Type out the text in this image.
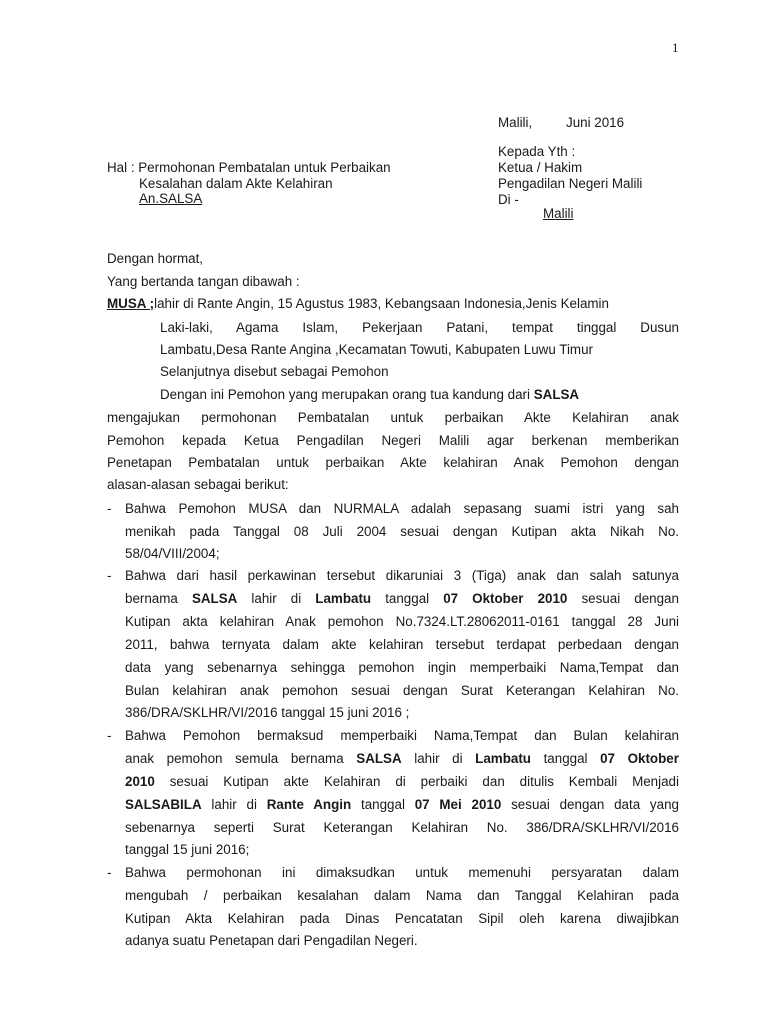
1
Malili,	Juni 2016
Kepada Yth :
Ketua / Hakim
Pengadilan Negeri Malili
Di -
Malili
Hal : Permohonan Pembatalan untuk Perbaikan
Kesalahan dalam Akte Kelahiran
An.SALSA
Dengan hormat,
Yang bertanda tangan dibawah :
MUSA ;lahir di Rante Angin, 15 Agustus 1983, Kebangsaan Indonesia,Jenis Kelamin
Laki-laki, Agama Islam, Pekerjaan Patani, tempat tinggal Dusun
Lambatu,Desa Rante Angina ,Kecamatan Towuti, Kabupaten Luwu Timur
Selanjutnya disebut sebagai Pemohon
Dengan ini Pemohon yang merupakan orang tua kandung dari SALSA
mengajukan permohonan Pembatalan untuk perbaikan Akte Kelahiran anak
Pemohon kepada Ketua Pengadilan Negeri Malili agar berkenan memberikan
Penetapan Pembatalan untuk perbaikan Akte kelahiran Anak Pemohon dengan
alasan-alasan sebagai berikut:
- Bahwa Pemohon MUSA dan NURMALA adalah sepasang suami istri yang sah
menikah pada Tanggal 08 Juli 2004 sesuai dengan Kutipan akta Nikah No.
58/04/VIII/2004;
- Bahwa dari hasil perkawinan tersebut dikaruniai 3 (Tiga) anak dan salah satunya
bernama SALSA lahir di Lambatu tanggal 07 Oktober 2010 sesuai dengan
Kutipan akta kelahiran Anak pemohon No.7324.LT.28062011-0161 tanggal 28 Juni
2011, bahwa ternyata dalam akte kelahiran tersebut terdapat perbedaan dengan
data yang sebenarnya sehingga pemohon ingin memperbaiki Nama,Tempat dan
Bulan kelahiran anak pemohon sesuai dengan Surat Keterangan Kelahiran No.
386/DRA/SKLHR/VI/2016 tanggal 15 juni 2016 ;
- Bahwa Pemohon bermaksud memperbaiki Nama,Tempat dan Bulan kelahiran
anak pemohon semula bernama SALSA lahir di Lambatu tanggal 07 Oktober
2010 sesuai Kutipan akte Kelahiran di perbaiki dan ditulis Kembali Menjadi
SALSABILA lahir di Rante Angin tanggal 07 Mei 2010 sesuai dengan data yang
sebenarnya seperti Surat Keterangan Kelahiran No. 386/DRA/SKLHR/VI/2016
tanggal 15 juni 2016;
- Bahwa permohonan ini dimaksudkan untuk memenuhi persyaratan dalam
mengubah / perbaikan kesalahan dalam Nama dan Tanggal Kelahiran pada
Kutipan Akta Kelahiran pada Dinas Pencatatan Sipil oleh karena diwajibkan
adanya suatu Penetapan dari Pengadilan Negeri.
